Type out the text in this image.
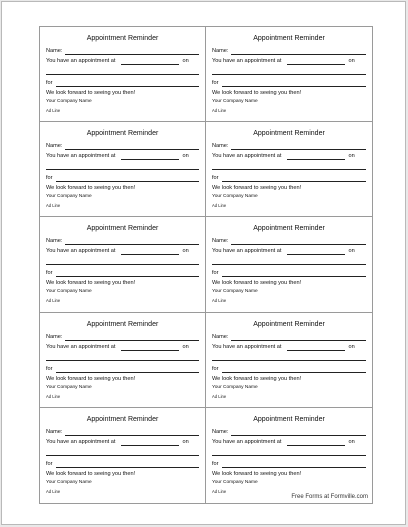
Appointment Reminder
Name:
You have an appointment at	on
for
We look forward to seeing you then!
Your Company Name
Ad Line
Appointment Reminder
Name:
You have an appointment at	on
for
We look forward to seeing you then!
Your Company Name
Ad Line
Appointment Reminder
Name:
You have an appointment at	on
for
We look forward to seeing you then!
Your Company Name
Ad Line
Appointment Reminder
Name:
You have an appointment at	on
for
We look forward to seeing you then!
Your Company Name
Ad Line
Appointment Reminder
Name:
You have an appointment at	on
for
We look forward to seeing you then!
Your Company Name
Ad Line
Appointment Reminder
Name:
You have an appointment at	on
for
We look forward to seeing you then!
Your Company Name
Ad Line
Appointment Reminder
Name:
You have an appointment at	on
for
We look forward to seeing you then!
Your Company Name
Ad Line
Appointment Reminder
Name:
You have an appointment at	on
for
We look forward to seeing you then!
Your Company Name
Ad Line
Appointment Reminder
Name:
You have an appointment at	on
for
We look forward to seeing you then!
Your Company Name
Ad Line
Appointment Reminder
Name:
You have an appointment at	on
for
We look forward to seeing you then!
Your Company Name
Ad Line
Free Forms at Formville.com
